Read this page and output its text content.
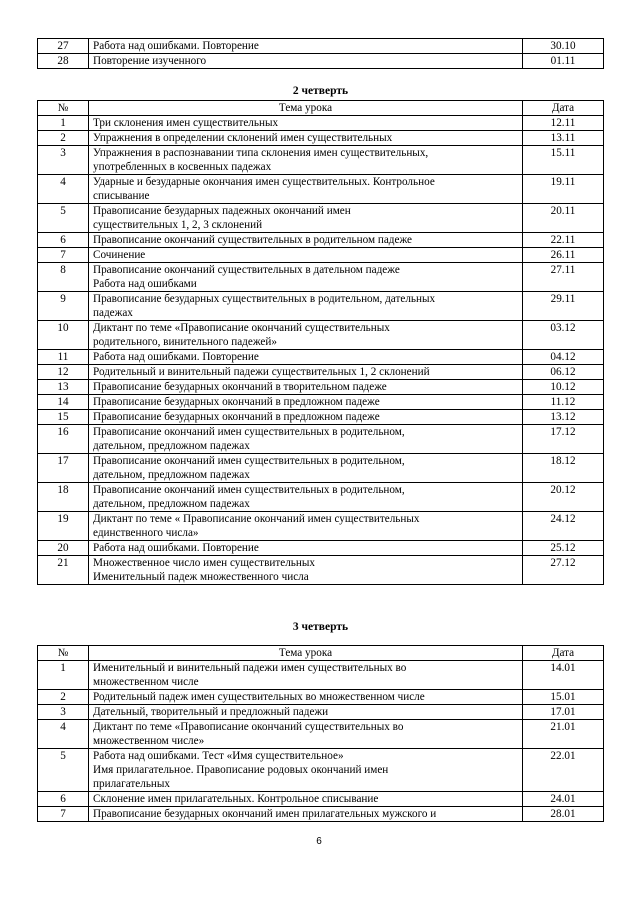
27	Работа над ошибками. Повторение	30.10
28	Повторение изученного	01.11
2 четверть
№	Тема урока	Дата
1	Три склонения имен существительных	12.11
2	Упражнения в определении склонений имен существительных	13.11
3	Упражнения в распознавании типа склонения имен существительных,
употребленных в косвенных падежах	15.11
4	Ударные и безударные окончания имен существительных. Контрольное
списывание	19.11
5	Правописание безударных падежных окончаний имен
существительных 1, 2, 3 склонений	20.11
6	Правописание окончаний существительных в родительном падеже	22.11
7	Сочинение	26.11
8	Правописание окончаний существительных в дательном падеже
Работа над ошибками	27.11
9	Правописание безударных существительных в родительном, дательных
падежах	29.11
10	Диктант по теме «Правописание окончаний существительных
родительного, винительного падежей»	03.12
11	Работа над ошибками. Повторение	04.12
12	Родительный и винительный падежи существительных 1, 2 склонений	06.12
13	Правописание безударных окончаний в творительном падеже	10.12
14	Правописание безударных окончаний в предложном падеже	11.12
15	Правописание безударных окончаний в предложном падеже	13.12
16	Правописание окончаний имен существительных в родительном,
дательном, предложном падежах	17.12
17	Правописание окончаний имен существительных в родительном,
дательном, предложном падежах	18.12
18	Правописание окончаний имен существительных в родительном,
дательном, предложном падежах	20.12
19	Диктант по теме « Правописание окончаний имен существительных
единственного числа»	24.12
20	Работа над ошибками. Повторение	25.12
21	Множественное число имен существительных
Именительный падеж множественного числа	27.12
3 четверть
№	Тема урока	Дата
1	Именительный и винительный падежи имен существительных во
множественном числе	14.01
2	Родительный падеж имен существительных во множественном числе	15.01
3	Дательный, творительный и предложный падежи	17.01
4	Диктант по теме «Правописание окончаний существительных во
множественном числе»	21.01
5	Работа над ошибками. Тест «Имя существительное»
Имя прилагательное. Правописание родовых окончаний имен
прилагательных	22.01
6	Склонение имен прилагательных. Контрольное списывание	24.01
7	Правописание безударных окончаний имен прилагательных мужского и	28.01
6
